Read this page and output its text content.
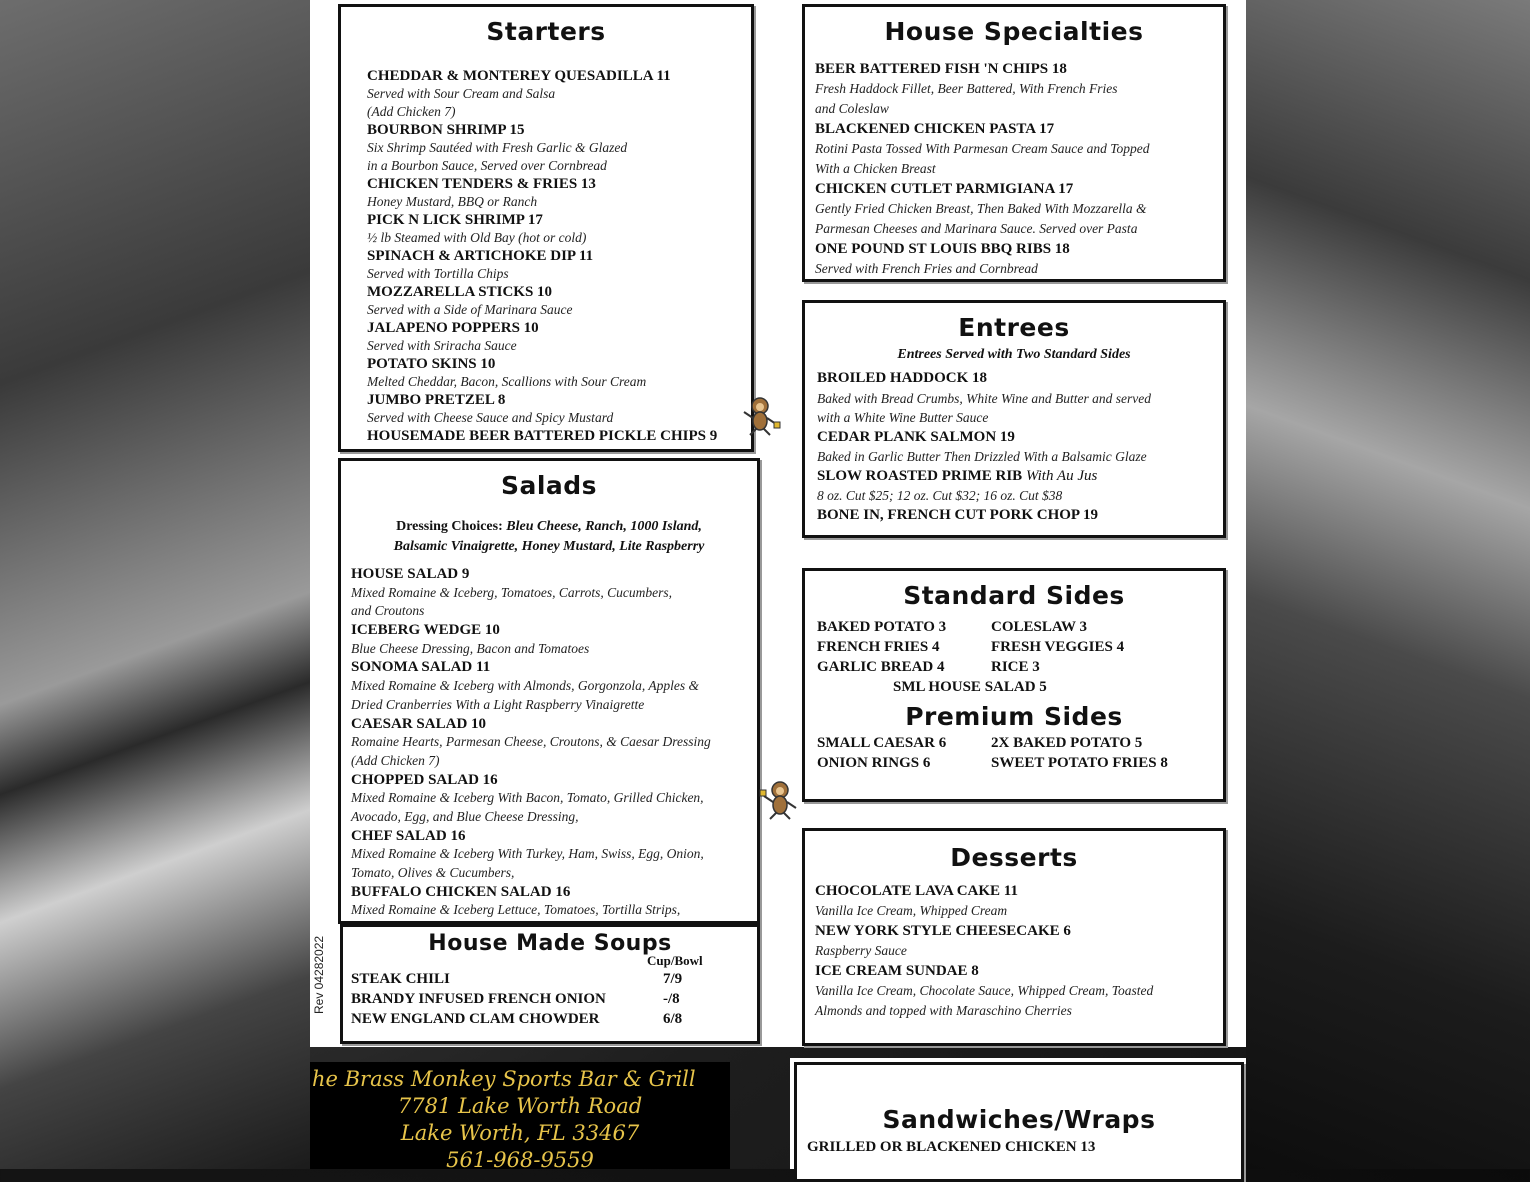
Starters
CHEDDAR & MONTEREY QUESADILLA 11
Served with Sour Cream and Salsa
(Add Chicken 7)
BOURBON SHRIMP 15
Six Shrimp Sautéed with Fresh Garlic & Glazed
in a Bourbon Sauce, Served over Cornbread
CHICKEN TENDERS & FRIES 13
Honey Mustard, BBQ or Ranch
PICK N LICK SHRIMP 17
½ lb Steamed with Old Bay (hot or cold)
SPINACH & ARTICHOKE DIP 11
Served with Tortilla Chips
MOZZARELLA STICKS 10
Served with a Side of Marinara Sauce
JALAPENO POPPERS 10
Served with Sriracha Sauce
POTATO SKINS 10
Melted Cheddar, Bacon, Scallions with Sour Cream
JUMBO PRETZEL 8
Served with Cheese Sauce and Spicy Mustard
HOUSEMADE BEER BATTERED PICKLE CHIPS 9
Salads
Dressing Choices: Bleu Cheese, Ranch, 1000 Island,
Balsamic Vinaigrette, Honey Mustard, Lite Raspberry
HOUSE SALAD 9
Mixed Romaine & Iceberg, Tomatoes, Carrots, Cucumbers,
and Croutons
ICEBERG WEDGE 10
Blue Cheese Dressing, Bacon and Tomatoes
SONOMA SALAD 11
Mixed Romaine & Iceberg with Almonds, Gorgonzola, Apples &
Dried Cranberries With a Light Raspberry Vinaigrette
CAESAR SALAD 10
Romaine Hearts, Parmesan Cheese, Croutons, & Caesar Dressing
(Add Chicken 7)
CHOPPED SALAD 16
Mixed Romaine & Iceberg With Bacon, Tomato, Grilled Chicken,
Avocado, Egg, and Blue Cheese Dressing,
CHEF SALAD 16
Mixed Romaine & Iceberg With Turkey, Ham, Swiss, Egg, Onion,
Tomato, Olives & Cucumbers,
BUFFALO CHICKEN SALAD 16
Mixed Romaine & Iceberg Lettuce, Tomatoes, Tortilla Strips,
House Made Soups
Cup/Bowl
STEAK CHILI	7/9
BRANDY INFUSED FRENCH ONION	-/8
NEW ENGLAND CLAM CHOWDER	6/8
House Specialties
BEER BATTERED FISH 'N CHIPS 18
Fresh Haddock Fillet, Beer Battered, With French Fries
and Coleslaw
BLACKENED CHICKEN PASTA 17
Rotini Pasta Tossed With Parmesan Cream Sauce and Topped
With a Chicken Breast
CHICKEN CUTLET PARMIGIANA 17
Gently Fried Chicken Breast, Then Baked With Mozzarella &
Parmesan Cheeses and Marinara Sauce. Served over Pasta
ONE POUND ST LOUIS BBQ RIBS 18
Served with French Fries and Cornbread
Entrees
Entrees Served with Two Standard Sides
BROILED HADDOCK 18
Baked with Bread Crumbs, White Wine and Butter and served
with a White Wine Butter Sauce
CEDAR PLANK SALMON 19
Baked in Garlic Butter Then Drizzled With a Balsamic Glaze
SLOW ROASTED PRIME RIB With Au Jus
8 oz. Cut $25; 12 oz. Cut $32; 16 oz. Cut $38
BONE IN, FRENCH CUT PORK CHOP 19
Standard Sides
BAKED POTATO 3	COLESLAW 3
FRENCH FRIES 4	FRESH VEGGIES 4
GARLIC BREAD 4	RICE 3
SML HOUSE SALAD 5
Premium Sides
SMALL CAESAR 6	2X BAKED POTATO 5
ONION RINGS 6	SWEET POTATO FRIES 8
Desserts
CHOCOLATE LAVA CAKE 11
Vanilla Ice Cream, Whipped Cream
NEW YORK STYLE CHEESECAKE 6
Raspberry Sauce
ICE CREAM SUNDAE 8
Vanilla Ice Cream, Chocolate Sauce, Whipped Cream, Toasted
Almonds and topped with Maraschino Cherries
Rev 04282022
he Brass Monkey Sports Bar & Grill
7781 Lake Worth Road
Lake Worth, FL 33467
561-968-9559
Sandwiches/Wraps
GRILLED OR BLACKENED CHICKEN 13
